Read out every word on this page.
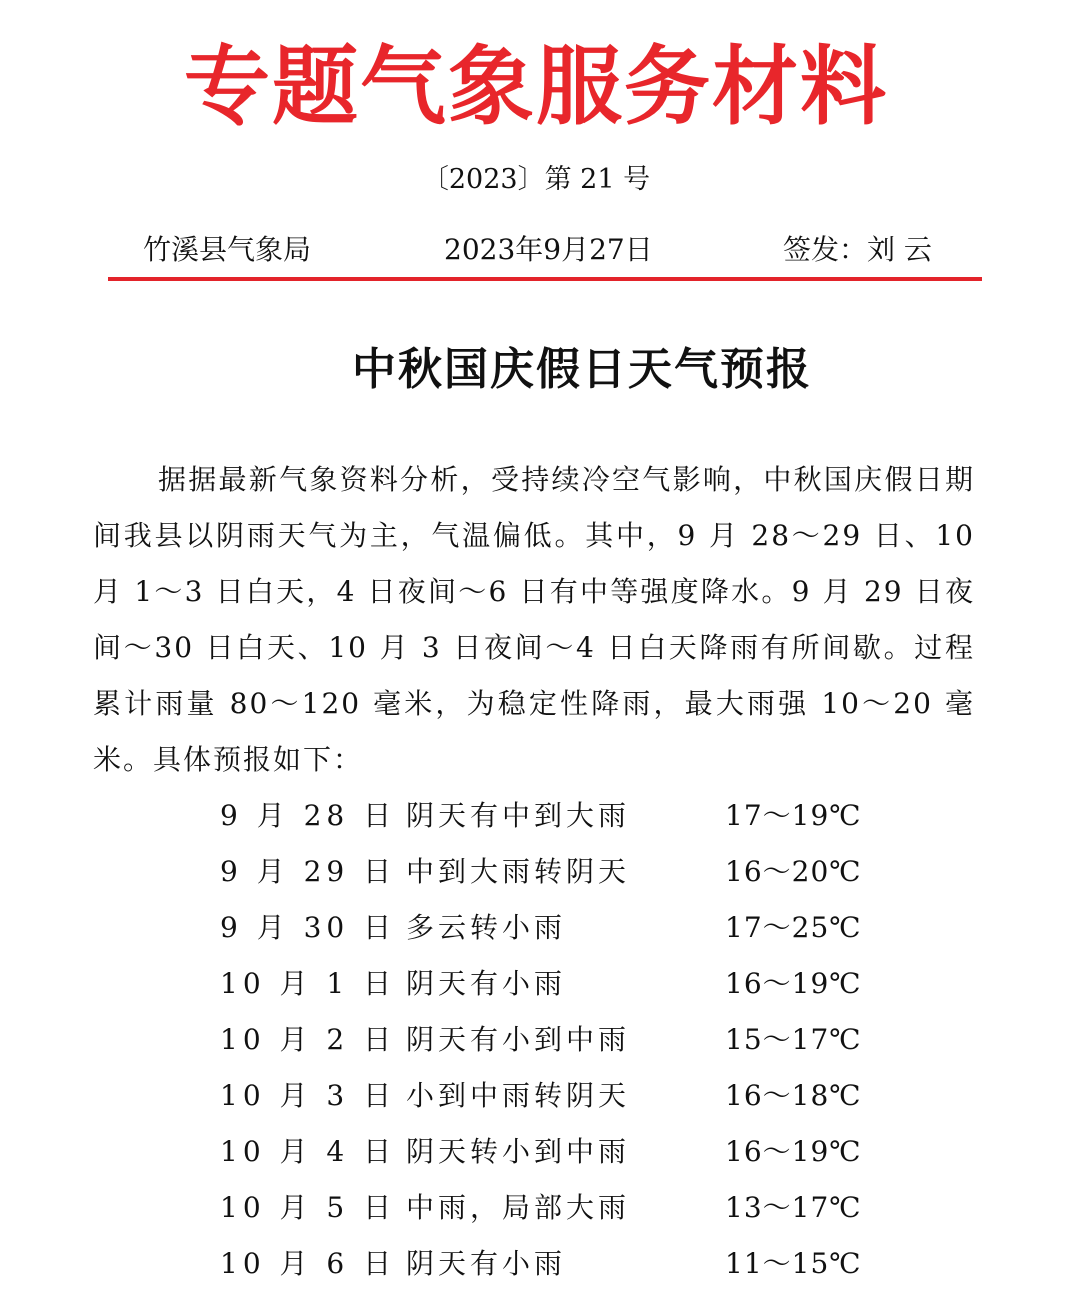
专题气象服务材料
〔2023〕第 21 号
竹溪县气象局	2023年9月27日	签发：刘 云
中秋国庆假日天气预报

据据最新气象资料分析，受持续冷空气影响，中秋国庆假日期间我县以阴雨天气为主，气温偏低。其中，9 月 28～29 日、10 月 1～3 日白天，4 日夜间～6 日有中等强度降水。9 月 29 日夜间～30 日白天、10 月 3 日夜间～4 日白天降雨有所间歇。过程累计雨量 80～120 毫米，为稳定性降雨，最大雨强 10～20 毫米。具体预报如下：

9 月 28 日 阴天有中到大雨	17～19℃
9 月 29 日 中到大雨转阴天	16～20℃
9 月 30 日 多云转小雨	17～25℃
10 月 1 日 阴天有小雨	16～19℃
10 月 2 日 阴天有小到中雨	15～17℃
10 月 3 日 小到中雨转阴天	16～18℃
10 月 4 日 阴天转小到中雨	16～19℃
10 月 5 日 中雨，局部大雨	13～17℃
10 月 6 日 阴天有小雨	11～15℃
